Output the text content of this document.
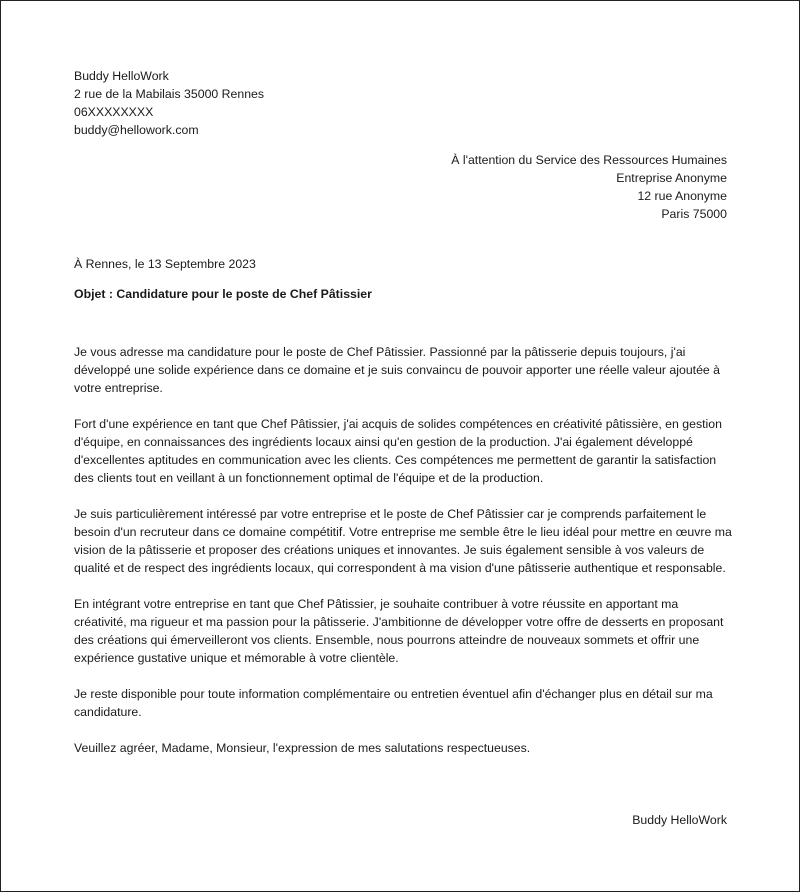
Buddy HelloWork
2 rue de la Mabilais 35000 Rennes
06XXXXXXXX
buddy@hellowork.com
À l'attention du Service des Ressources Humaines
Entreprise Anonyme
12 rue Anonyme
Paris 75000
À Rennes, le 13 Septembre 2023
Objet : Candidature pour le poste de Chef Pâtissier

Je vous adresse ma candidature pour le poste de Chef Pâtissier. Passionné par la pâtisserie depuis toujours, j'ai développé une solide expérience dans ce domaine et je suis convaincu de pouvoir apporter une réelle valeur ajoutée à votre entreprise.

Fort d'une expérience en tant que Chef Pâtissier, j'ai acquis de solides compétences en créativité pâtissière, en gestion d'équipe, en connaissances des ingrédients locaux ainsi qu'en gestion de la production. J'ai également développé d'excellentes aptitudes en communication avec les clients. Ces compétences me permettent de garantir la satisfaction des clients tout en veillant à un fonctionnement optimal de l'équipe et de la production.

Je suis particulièrement intéressé par votre entreprise et le poste de Chef Pâtissier car je comprends parfaitement le besoin d'un recruteur dans ce domaine compétitif. Votre entreprise me semble être le lieu idéal pour mettre en œuvre ma vision de la pâtisserie et proposer des créations uniques et innovantes. Je suis également sensible à vos valeurs de qualité et de respect des ingrédients locaux, qui correspondent à ma vision d'une pâtisserie authentique et responsable.

En intégrant votre entreprise en tant que Chef Pâtissier, je souhaite contribuer à votre réussite en apportant ma créativité, ma rigueur et ma passion pour la pâtisserie. J'ambitionne de développer votre offre de desserts en proposant des créations qui émerveilleront vos clients. Ensemble, nous pourrons atteindre de nouveaux sommets et offrir une expérience gustative unique et mémorable à votre clientèle.

Je reste disponible pour toute information complémentaire ou entretien éventuel afin d'échanger plus en détail sur ma candidature.

Veuillez agréer, Madame, Monsieur, l'expression de mes salutations respectueuses.

Buddy HelloWork
